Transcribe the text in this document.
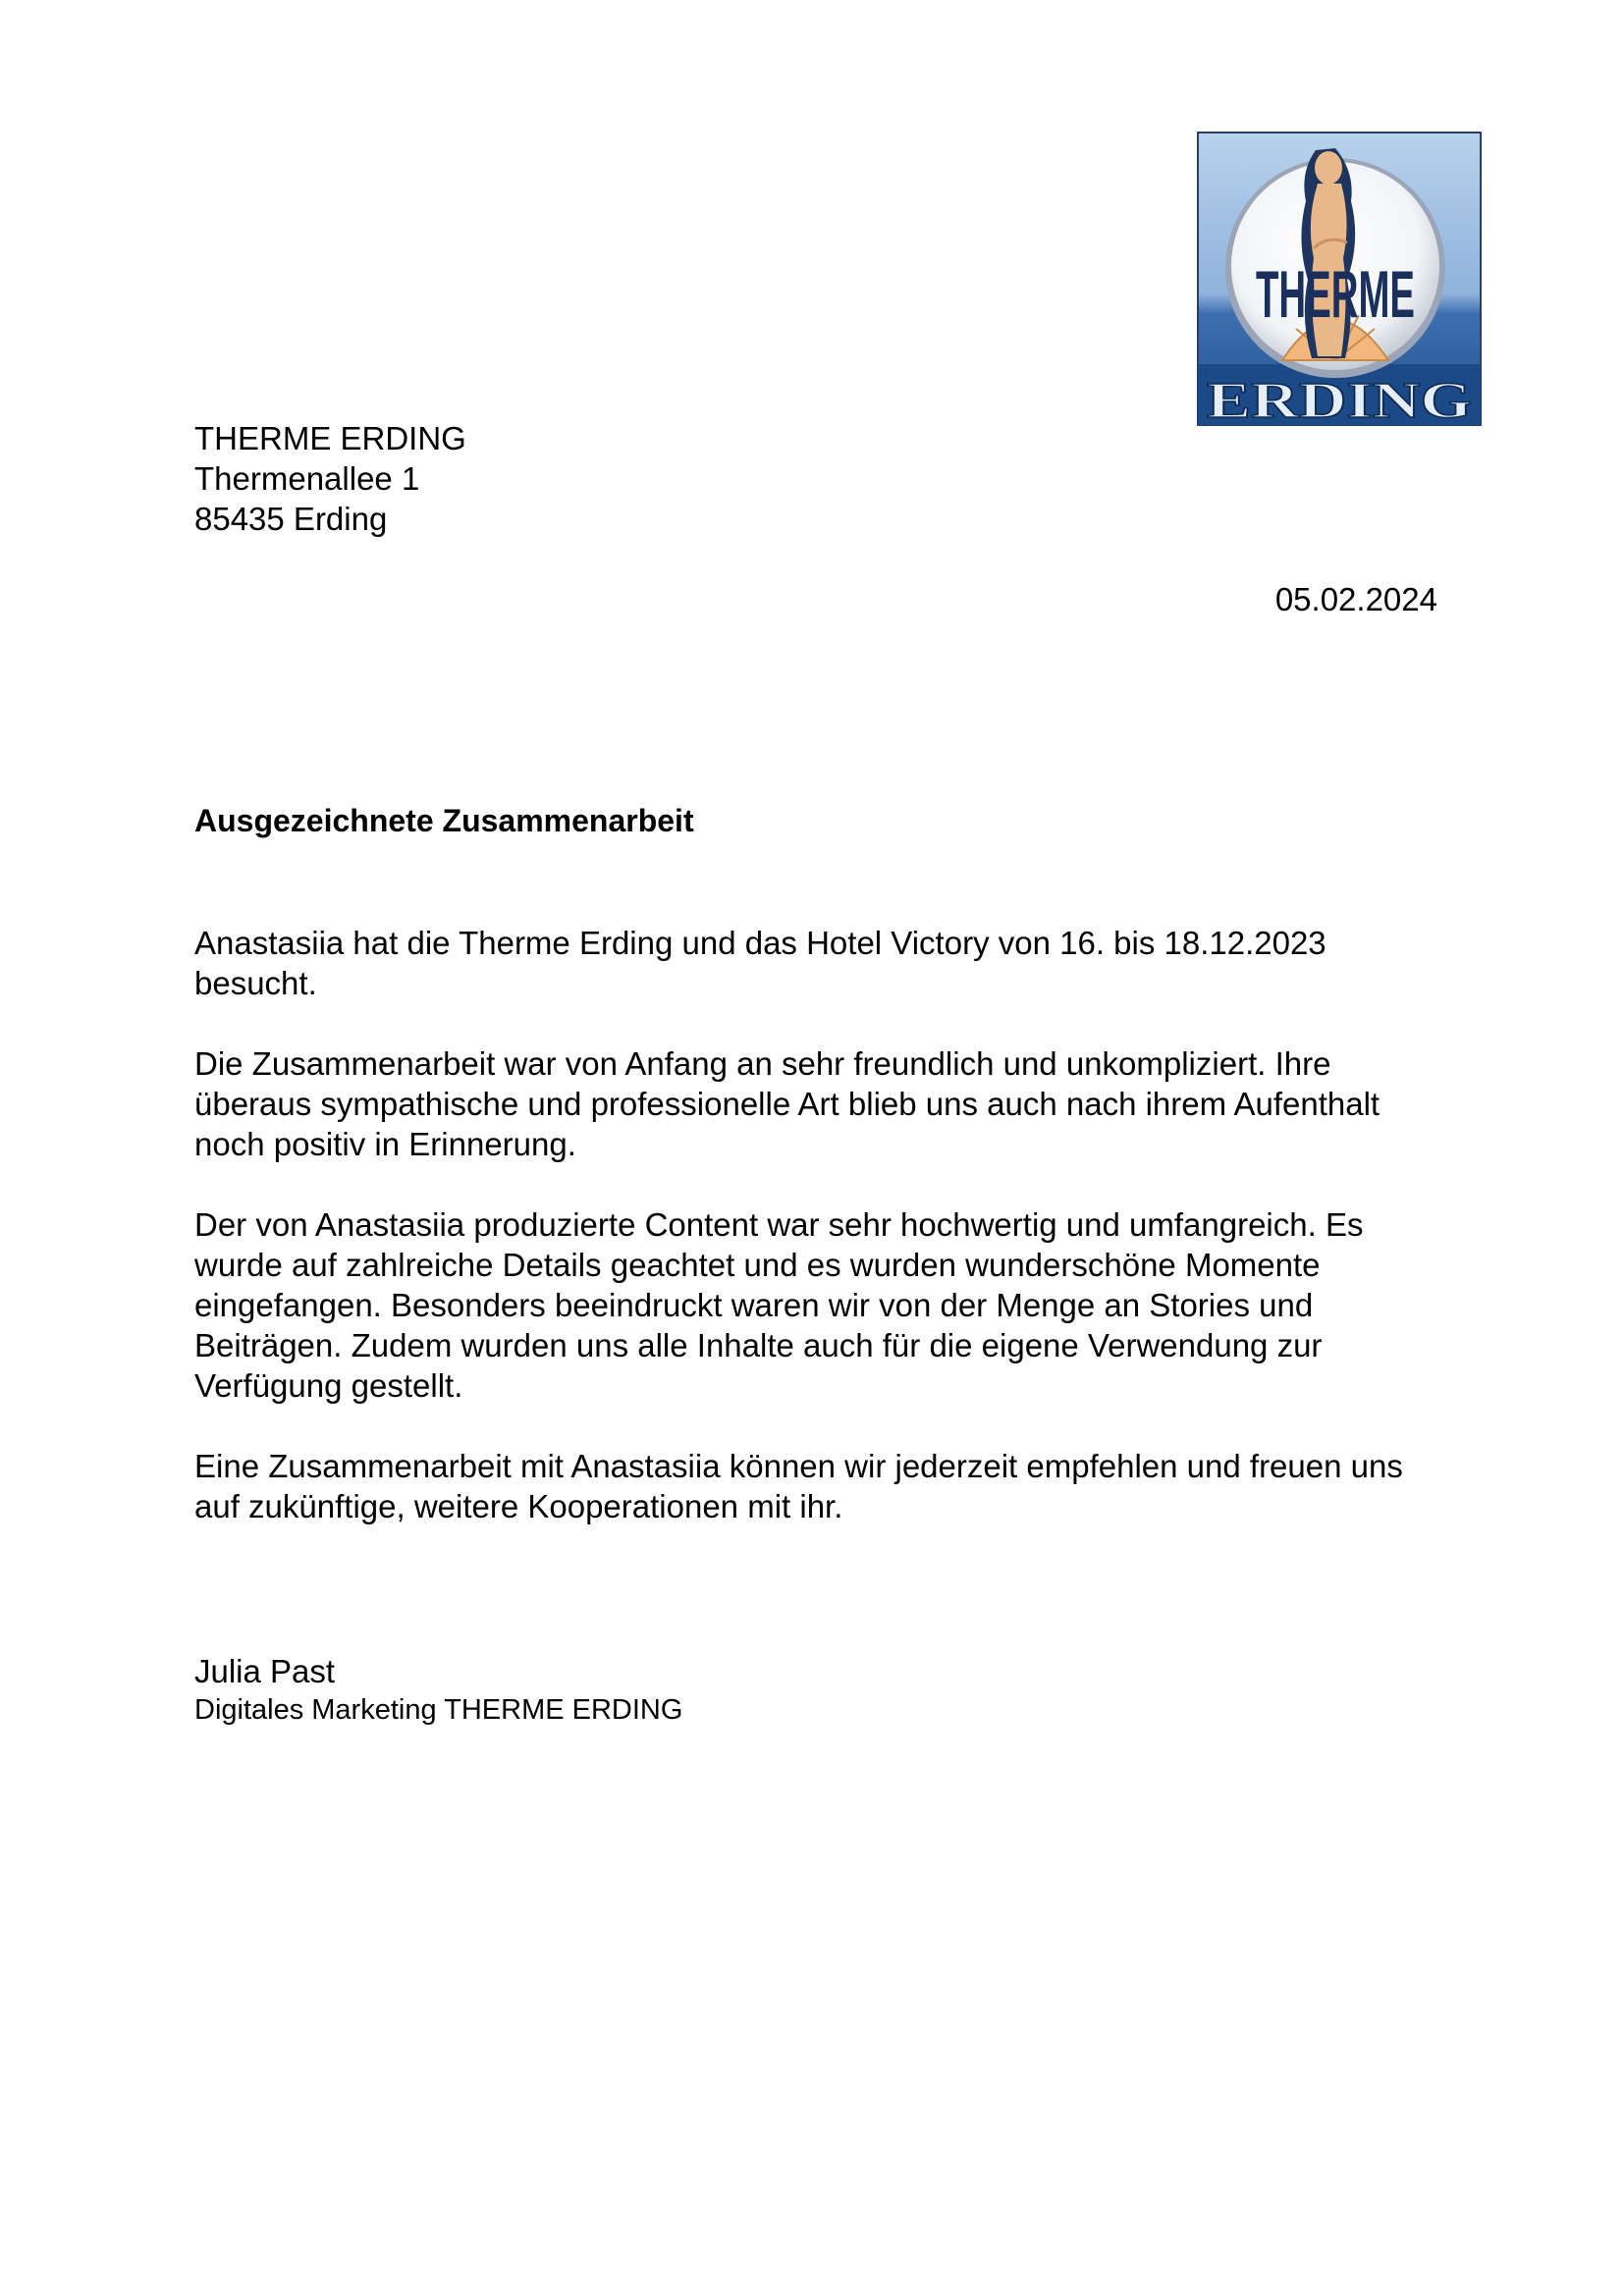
THERME
ERDING
THERME ERDING
Thermenallee 1
85435 Erding
05.02.2024
Ausgezeichnete Zusammenarbeit

Anastasiia hat die Therme Erding und das Hotel Victory von 16. bis 18.12.2023 besucht.

Die Zusammenarbeit war von Anfang an sehr freundlich und unkompliziert. Ihre überaus sympathische und professionelle Art blieb uns auch nach ihrem Aufenthalt noch positiv in Erinnerung.

Der von Anastasiia produzierte Content war sehr hochwertig und umfangreich. Es wurde auf zahlreiche Details geachtet und es wurden wunderschöne Momente eingefangen. Besonders beeindruckt waren wir von der Menge an Stories und Beiträgen. Zudem wurden uns alle Inhalte auch für die eigene Verwendung zur Verfügung gestellt.

Eine Zusammenarbeit mit Anastasiia können wir jederzeit empfehlen und freuen uns auf zukünftige, weitere Kooperationen mit ihr.

Julia Past
Digitales Marketing THERME ERDING
